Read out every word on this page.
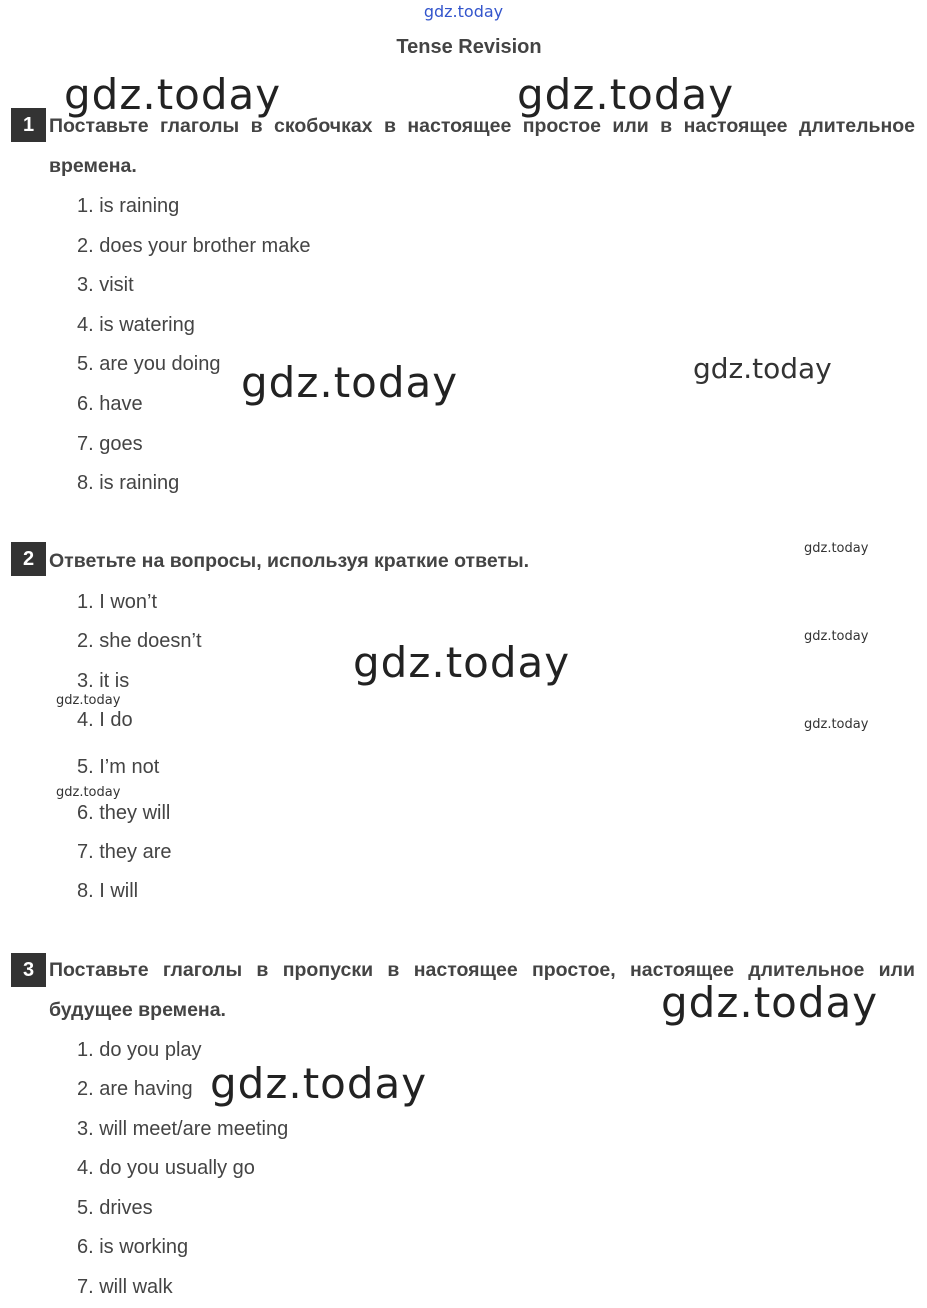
gdz.today
Tense Revision
1 Поставьте глаголы в скобочках в настоящее простое или в настоящее длительное времена.
1. is raining
2. does your brother make
3. visit
4. is watering
5. are you doing
6. have
7. goes
8. is raining
2 Ответьте на вопросы, используя краткие ответы.
1. I won’t
2. she doesn’t
3. it is
4. I do
5. I’m not
6. they will
7. they are
8. I will
3 Поставьте глаголы в пропуски в настоящее простое, настоящее длительное или будущее времена.
1. do you play
2. are having
3. will meet/are meeting
4. do you usually go
5. drives
6. is working
7. will walk
gdz.today	gdz.today
gdz.today	gdz.today
gdz.today
gdz.today
gdz.today
gdz.today
gdz.today
gdz.today
gdz.today
gdz.today
